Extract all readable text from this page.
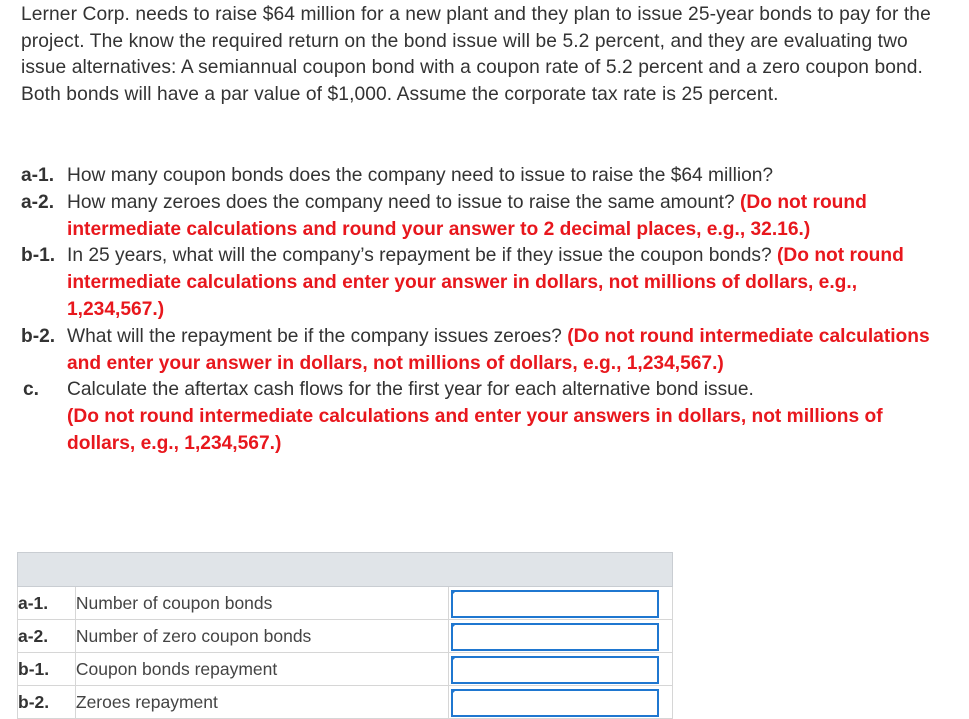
Lerner Corp. needs to raise $64 million for a new plant and they plan to issue 25-year bonds to pay for the project. The know the required return on the bond issue will be 5.2 percent, and they are evaluating two issue alternatives: A semiannual coupon bond with a coupon rate of 5.2 percent and a zero coupon bond. Both bonds will have a par value of $1,000. Assume the corporate tax rate is 25 percent.

a-1. How many coupon bonds does the company need to issue to raise the $64 million?
a-2. How many zeroes does the company need to issue to raise the same amount? (Do not round intermediate calculations and round your answer to 2 decimal places, e.g., 32.16.)
b-1. In 25 years, what will the company’s repayment be if they issue the coupon bonds? (Do not round intermediate calculations and enter your answer in dollars, not millions of dollars, e.g., 1,234,567.)
b-2. What will the repayment be if the company issues zeroes? (Do not round intermediate calculations and enter your answer in dollars, not millions of dollars, e.g., 1,234,567.)
c. Calculate the aftertax cash flows for the first year for each alternative bond issue.
(Do not round intermediate calculations and enter your answers in dollars, not millions of dollars, e.g., 1,234,567.)

a-1.	Number of coupon bonds	

a-2.	Number of zero coupon bonds	

b-1.	Coupon bonds repayment	

b-2.	Zeroes repayment	
